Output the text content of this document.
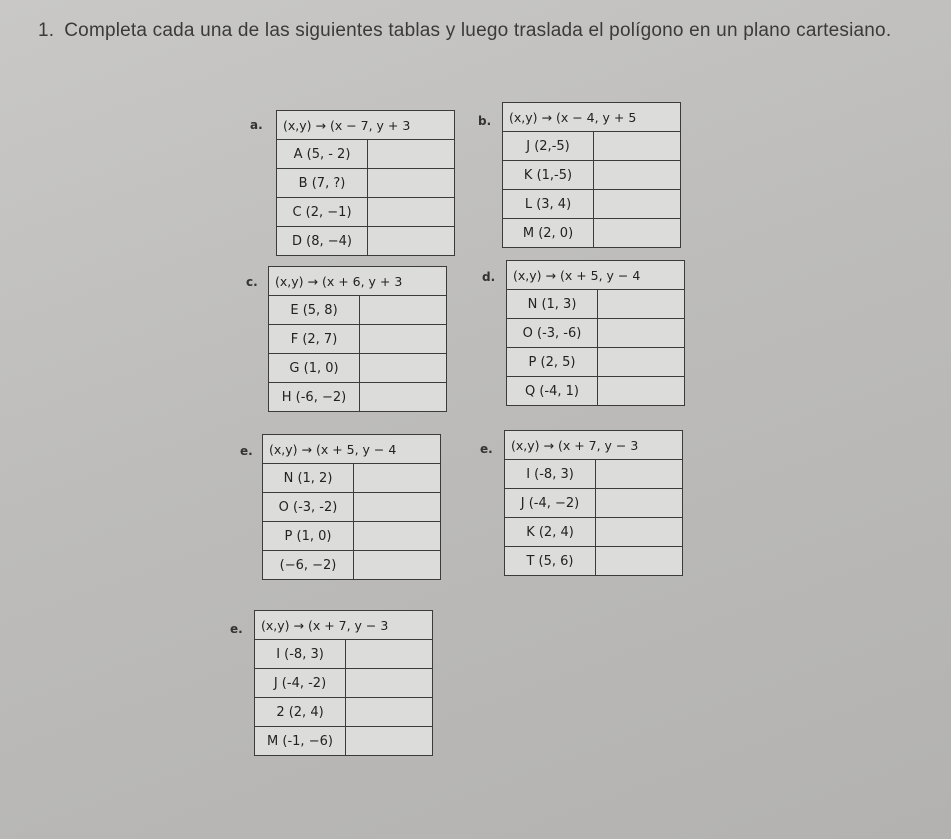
1. Completa cada una de las siguientes tablas y luego traslada el polígono en un plano cartesiano.
a. (x,y) → (x − 7, y + 3	
A (5, - 2)	
B (7, ?)	
C (2, −1)	
D (8, −4)	
b. (x,y) → (x − 4, y + 5	
J (2,-5)	
K (1,-5)	
L (3, 4)	
M (2, 0)	
c. (x,y) → (x + 6, y + 3	
E (5, 8)	
F (2, 7)	
G (1, 0)	
H (-6, −2)	
d. (x,y) → (x + 5, y − 4	
N (1, 3)	
O (-3, -6)	
P (2, 5)	
Q (-4, 1)	
e. (x,y) → (x + 5, y − 4	
N (1, 2)	
O (-3, -2)	
P (1, 0)	
(−6, −2)	
e. (x,y) → (x + 7, y − 3	
I (-8, 3)	
J (-4, −2)	
K (2, 4)	
T (5, 6)	
e. (x,y) → (x + 7, y − 3	
I (-8, 3)	
J (-4, -2)	
2 (2, 4)	
M (-1, −6)	
